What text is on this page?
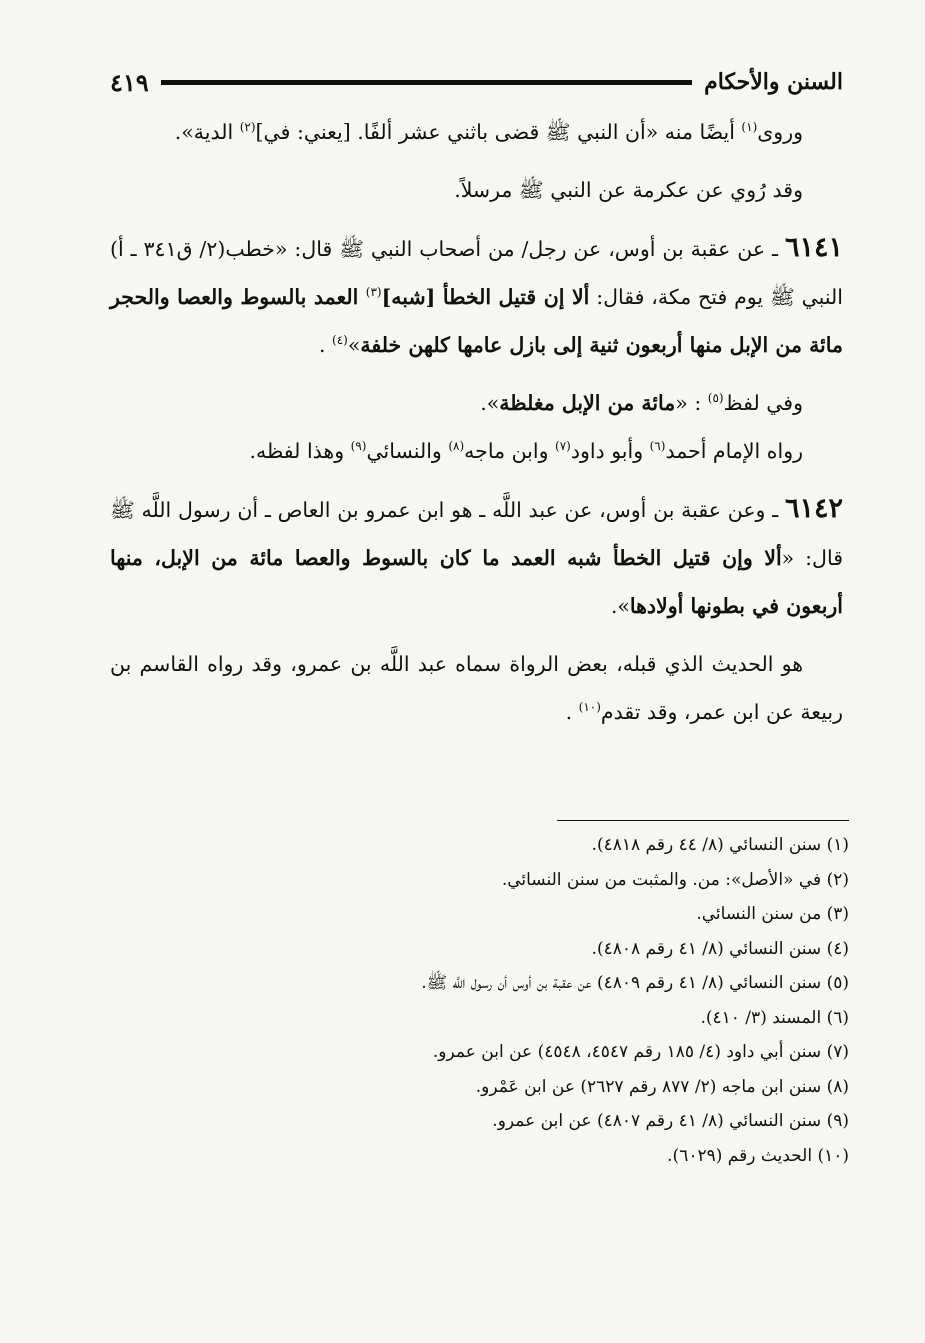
السنن والأحكام
٤١٩

وروى$^{(١)}$ أيضًا منه «أن النبي ﷺ قضى باثني عشر ألفًا. [يعني: في]$^{(٢)}$ الدية».

وقد رُوي عن عكرمة عن النبي ﷺ مرسلاً.

٦١٤١ ـ عن عقبة بن أوس، عن رجل/ من أصحاب النبي ﷺ قال: «خطب(٢/ ق٣٤١ ـ أ) النبي ﷺ يوم فتح مكة، فقال: ألا إن قتيل الخطأ [شبه]$^{(٣)}$ العمد بالسوط والعصا والحجر مائة من الإبل منها أربعون ثنية إلى بازل عامها كلهن خلفة»$^{(٤)}$ .

وفي لفظ$^{(٥)}$ : «مائة من الإبل مغلظة».

رواه الإمام أحمد$^{(٦)}$ وأبو داود$^{(٧)}$ وابن ماجه$^{(٨)}$ والنسائي$^{(٩)}$ وهذا لفظه.

٦١٤٢ ـ وعن عقبة بن أوس، عن عبد اللَّه ـ هو ابن عمرو بن العاص ـ أن رسول اللَّه ﷺ قال: «ألا وإن قتيل الخطأ شبه العمد ما كان بالسوط والعصا مائة من الإبل، منها أربعون في بطونها أولادها».

هو الحديث الذي قبله، بعض الرواة سماه عبد اللَّه بن عمرو، وقد رواه القاسم بن ربيعة عن ابن عمر، وقد تقدم$^{(١٠)}$ .

(١) سنن النسائي (٨/ ٤٤ رقم ٤٨١٨).

(٢) في «الأصل»: من. والمثبت من سنن النسائي.

(٣) من سنن النسائي.

(٤) سنن النسائي (٨/ ٤١ رقم ٤٨٠٨).

(٥) سنن النسائي (٨/ ٤١ رقم ٤٨٠٩) عن عقبة بن أوس أن رسول اللَّه ﷺ.

(٦) المسند (٣/ ٤١٠).

(٧) سنن أبي داود (٤/ ١٨٥ رقم ٤٥٤٧، ٤٥٤٨) عن ابن عمرو.

(٨) سنن ابن ماجه (٢/ ٨٧٧ رقم ٢٦٢٧) عن ابن عَمْرو.

(٩) سنن النسائي (٨/ ٤١ رقم ٤٨٠٧) عن ابن عمرو.

(١٠) الحديث رقم (٦٠٢٩).
